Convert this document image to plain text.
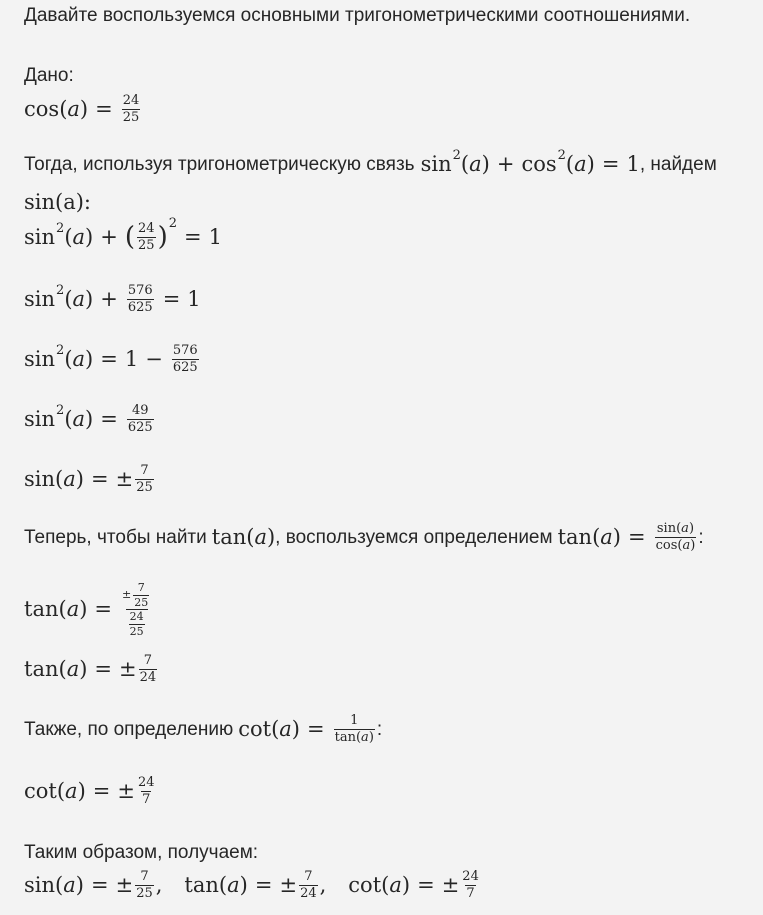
Давайте воспользуемся основными тригонометрическими соотношениями.
Дано:
cos ( a ) = $\frac{24}{25}$
Тогда, используя тригонометрическую связь sin 2 ( a ) + cos 2 ( a ) = 1 , найдем
sin(a):
sin 2 ( a ) + ( $\frac{24}{25}$ ) 2
= 1
sin 2 ( a ) + $\frac{576}{625} = 1$
sin 2 ( a ) = $1 - \frac{576}{625}$
sin 2 ( a ) = $\frac{49}{625}$
sin ( a ) = ± $\frac{7}{25}$
Теперь, чтобы найти tan ( a ) , воспользуемся определением tan ( a ) = $\frac{\sin(a)}{\cos(a)}$ :
tan ( a ) = $\frac{\pm \frac{7}{25}}{\frac{24}{25}}$
tan ( a ) = ± $\frac{7}{24}$
Также, по определению cot ( a ) = $\frac{1}{\tan(a)}$ :
cot ( a ) = ± $\frac{24}{7}$
Таким образом, получаем:
sin ( a ) = ± $\frac{7}{25}$ , tan ( a ) = ± $\frac{7}{24}$ , cot ( a ) = ± $\frac{24}{7}$
